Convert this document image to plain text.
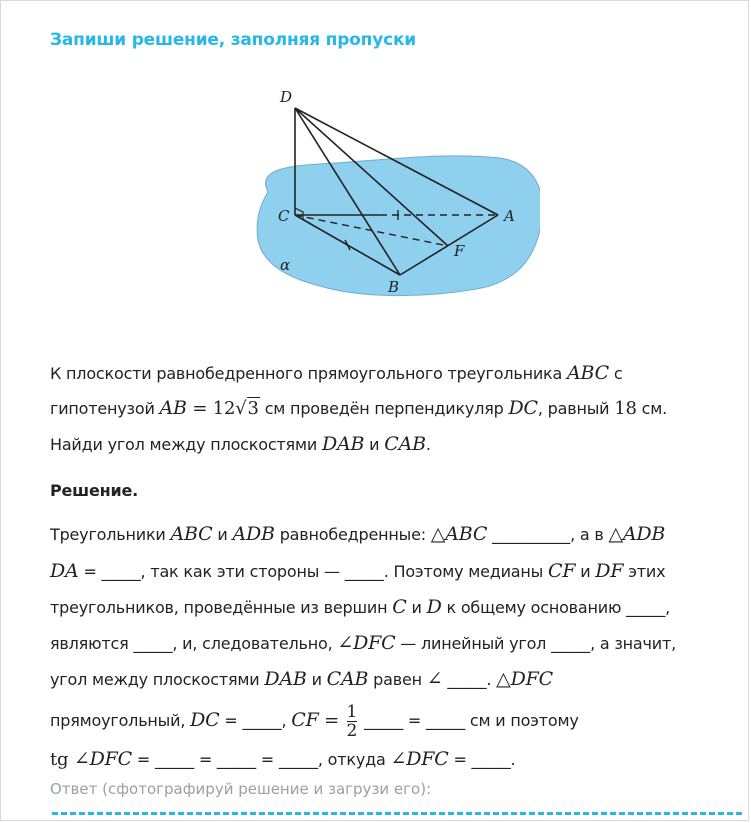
Запиши решение, заполняя пропуски
D
C	A
F
B
α
К плоскости равнобедренного прямоугольного треугольника ABC с
гипотенузой AB = 12√3 см проведён перпендикуляр DC, равный 18 см.
Найди угол между плоскостями DAB и CAB.
Решение.
Треугольники ABC и ADB равнобедренные: △ABC __________, а в △ADB
DA = _____, так как эти стороны — _____. Поэтому медианы CF и DF этих
треугольников, проведённые из вершин C и D к общему основанию _____,
являются _____, и, следовательно, ∠DFC — линейный угол _____, а значит,
угол между плоскостями DAB и CAB равен ∠ _____. △DFC
прямоугольный, DC = _____, CF = $\frac{1}{2}$ _____ = _____ см и поэтому
tg ∠DFC = _____ = _____ = _____, откуда ∠DFC = _____.
Ответ (сфотографируй решение и загрузи его):
